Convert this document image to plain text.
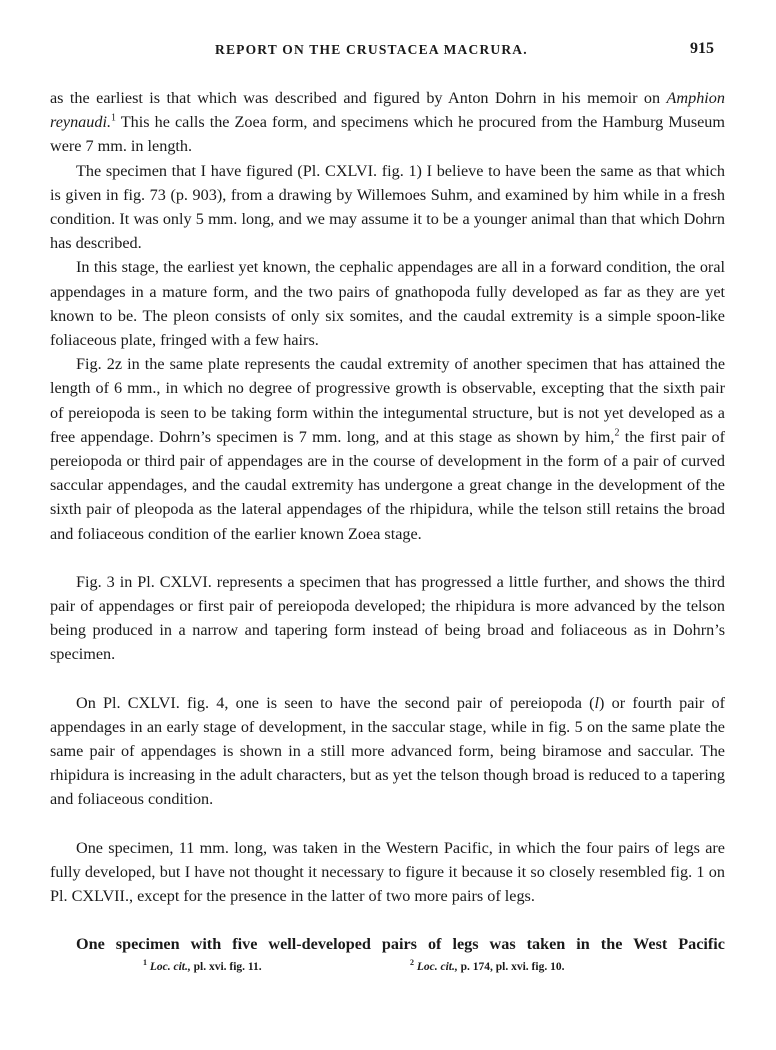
REPORT ON THE CRUSTACEA MACRURA.	915

as the earliest is that which was described and figured by Anton Dohrn in his memoir on Amphion reynaudi.$^1$ This he calls the Zoea form, and specimens which he procured from the Hamburg Museum were 7 mm. in length.

The specimen that I have figured (Pl. CXLVI. fig. 1) I believe to have been the same as that which is given in fig. 73 (p. 903), from a drawing by Willemoes Suhm, and examined by him while in a fresh condition. It was only 5 mm. long, and we may assume it to be a younger animal than that which Dohrn has described.

In this stage, the earliest yet known, the cephalic appendages are all in a forward condition, the oral appendages in a mature form, and the two pairs of gnathopoda fully developed as far as they are yet known to be. The pleon consists of only six somites, and the caudal extremity is a simple spoon-like foliaceous plate, fringed with a few hairs.

Fig. 2z in the same plate represents the caudal extremity of another specimen that has attained the length of 6 mm., in which no degree of progressive growth is observable, excepting that the sixth pair of pereiopoda is seen to be taking form within the integumental structure, but is not yet developed as a free appendage. Dohrn’s specimen is 7 mm. long, and at this stage as shown by him,$^2$ the first pair of pereiopoda or third pair of appendages are in the course of development in the form of a pair of curved saccular appendages, and the caudal extremity has undergone a great change in the development of the sixth pair of pleopoda as the lateral appendages of the rhipidura, while the telson still retains the broad and foliaceous condition of the earlier known Zoea stage.

Fig. 3 in Pl. CXLVI. represents a specimen that has progressed a little further, and shows the third pair of appendages or first pair of pereiopoda developed; the rhipidura is more advanced by the telson being produced in a narrow and tapering form instead of being broad and foliaceous as in Dohrn’s specimen.

On Pl. CXLVI. fig. 4, one is seen to have the second pair of pereiopoda (l) or fourth pair of appendages in an early stage of development, in the saccular stage, while in fig. 5 on the same plate the same pair of appendages is shown in a still more advanced form, being biramose and saccular. The rhipidura is increasing in the adult characters, but as yet the telson though broad is reduced to a tapering and foliaceous condition.

One specimen, 11 mm. long, was taken in the Western Pacific, in which the four pairs of legs are fully developed, but I have not thought it necessary to figure it because it so closely resembled fig. 1 on Pl. CXLVII., except for the presence in the latter of two more pairs of legs.

One specimen with five well-developed pairs of legs was taken in the West Pacific

$^1$ Loc. cit., pl. xvi. fig. 11.	$^2$ Loc. cit., p. 174, pl. xvi. fig. 10.
